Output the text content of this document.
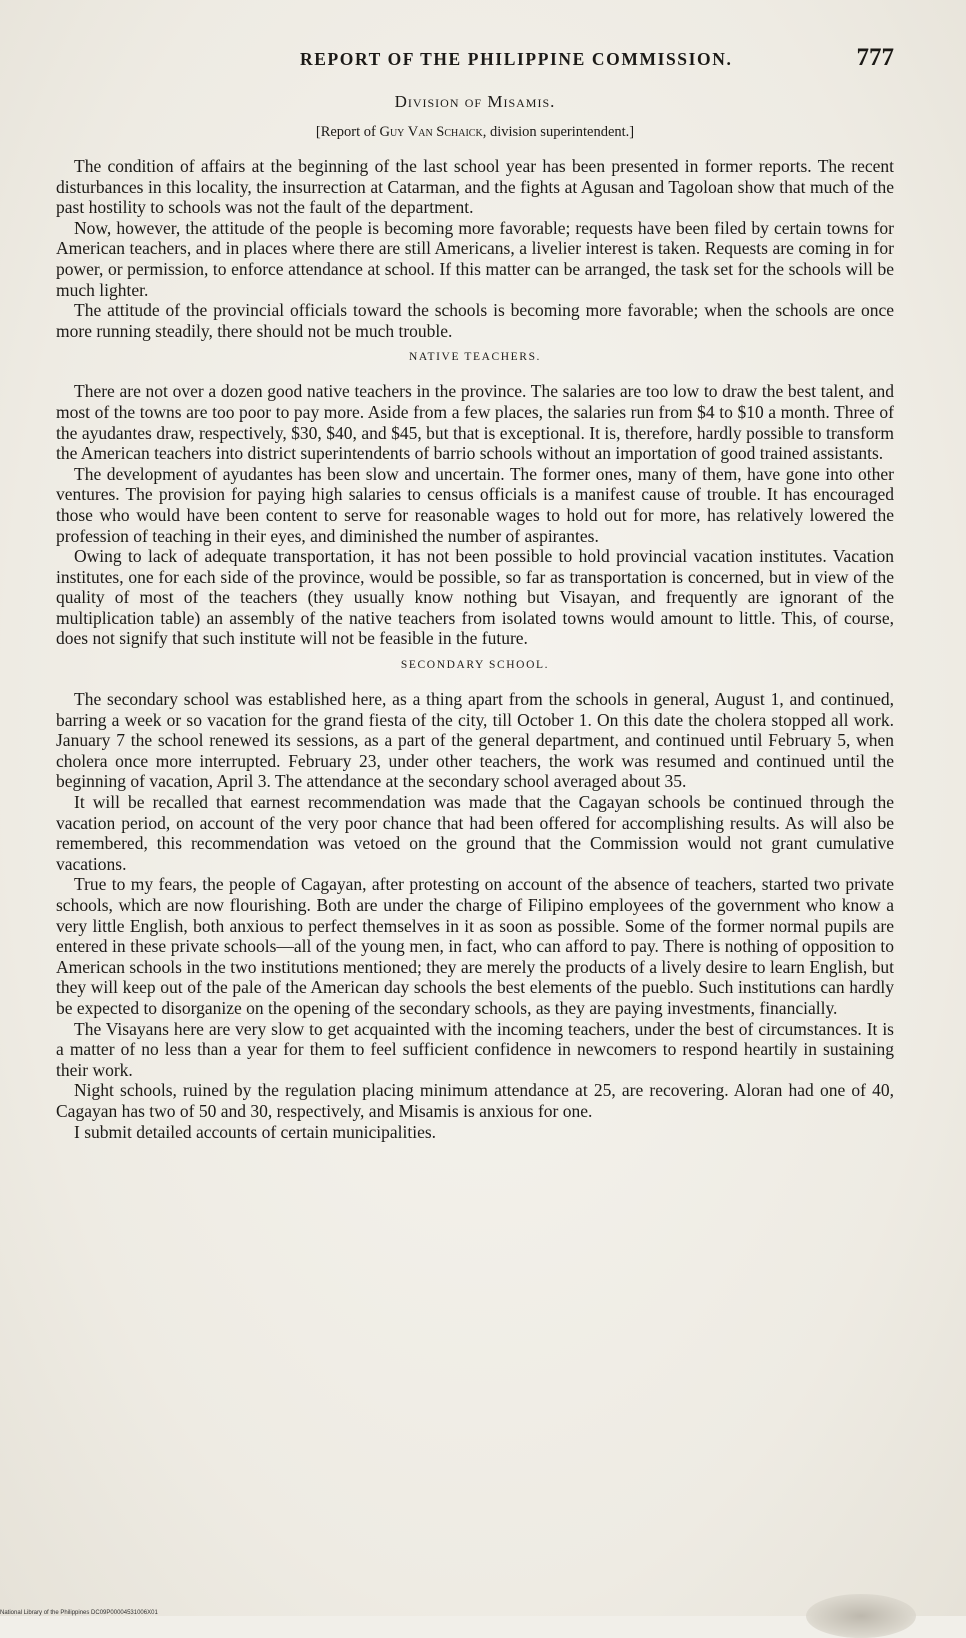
REPORT OF THE PHILIPPINE COMMISSION.	777
Division of Misamis.
[Report of Guy Van Schaick, division superintendent.]

The condition of affairs at the beginning of the last school year has been presented in former reports. The recent disturbances in this locality, the insurrection at Catarman, and the fights at Agusan and Tagoloan show that much of the past hostility to schools was not the fault of the department.

Now, however, the attitude of the people is becoming more favorable; requests have been filed by certain towns for American teachers, and in places where there are still Americans, a livelier interest is taken. Requests are coming in for power, or permission, to enforce attendance at school. If this matter can be arranged, the task set for the schools will be much lighter.

The attitude of the provincial officials toward the schools is becoming more favorable; when the schools are once more running steadily, there should not be much trouble.

NATIVE TEACHERS.

There are not over a dozen good native teachers in the province. The salaries are too low to draw the best talent, and most of the towns are too poor to pay more. Aside from a few places, the salaries run from $4 to $10 a month. Three of the ayudantes draw, respectively, $30, $40, and $45, but that is exceptional. It is, therefore, hardly possible to transform the American teachers into district superintendents of barrio schools without an importation of good trained assistants.

The development of ayudantes has been slow and uncertain. The former ones, many of them, have gone into other ventures. The provision for paying high salaries to census officials is a manifest cause of trouble. It has encouraged those who would have been content to serve for reasonable wages to hold out for more, has relatively lowered the profession of teaching in their eyes, and diminished the number of aspirantes.

Owing to lack of adequate transportation, it has not been possible to hold provincial vacation institutes. Vacation institutes, one for each side of the province, would be possible, so far as transportation is concerned, but in view of the quality of most of the teachers (they usually know nothing but Visayan, and frequently are ignorant of the multiplication table) an assembly of the native teachers from isolated towns would amount to little. This, of course, does not signify that such institute will not be feasible in the future.

SECONDARY SCHOOL.

The secondary school was established here, as a thing apart from the schools in general, August 1, and continued, barring a week or so vacation for the grand fiesta of the city, till October 1. On this date the cholera stopped all work. January 7 the school renewed its sessions, as a part of the general department, and continued until February 5, when cholera once more interrupted. February 23, under other teachers, the work was resumed and continued until the beginning of vacation, April 3. The attendance at the secondary school averaged about 35.

It will be recalled that earnest recommendation was made that the Cagayan schools be continued through the vacation period, on account of the very poor chance that had been offered for accomplishing results. As will also be remembered, this recommendation was vetoed on the ground that the Commission would not grant cumulative vacations.

True to my fears, the people of Cagayan, after protesting on account of the absence of teachers, started two private schools, which are now flourishing. Both are under the charge of Filipino employees of the government who know a very little English, both anxious to perfect themselves in it as soon as possible. Some of the former normal pupils are entered in these private schools—all of the young men, in fact, who can afford to pay. There is nothing of opposition to American schools in the two institutions mentioned; they are merely the products of a lively desire to learn English, but they will keep out of the pale of the American day schools the best elements of the pueblo. Such institutions can hardly be expected to disorganize on the opening of the secondary schools, as they are paying investments, financially.

The Visayans here are very slow to get acquainted with the incoming teachers, under the best of circumstances. It is a matter of no less than a year for them to feel sufficient confidence in newcomers to respond heartily in sustaining their work.

Night schools, ruined by the regulation placing minimum attendance at 25, are recovering. Aloran had one of 40, Cagayan has two of 50 and 30, respectively, and Misamis is anxious for one.

I submit detailed accounts of certain municipalities.

National Library of the Philippines DC09P00004531006X01
